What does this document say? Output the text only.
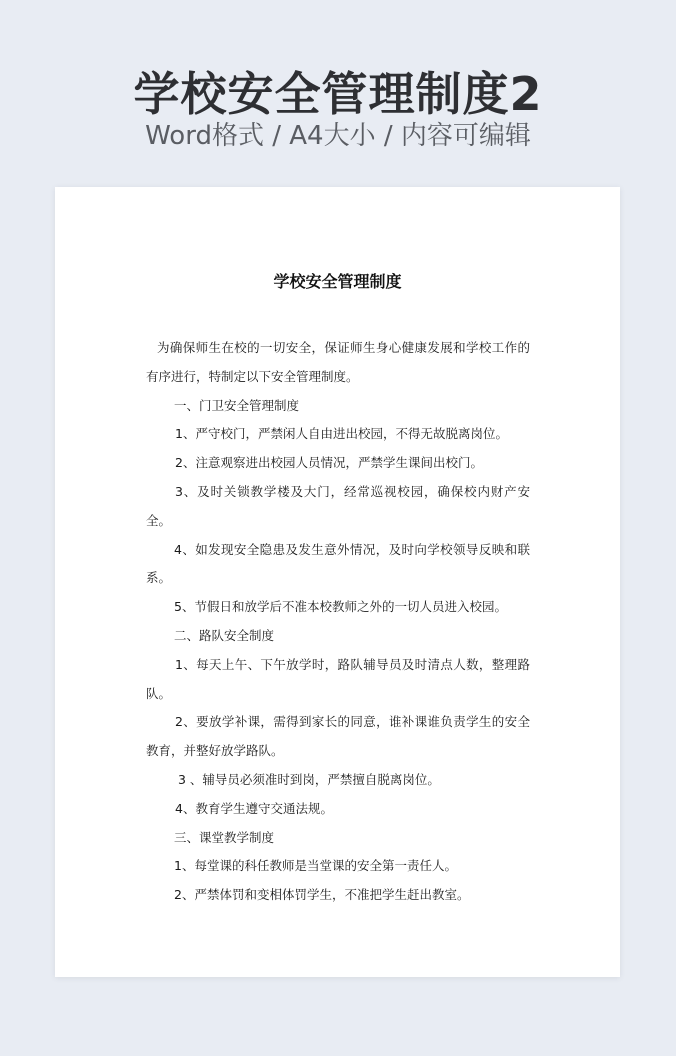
学校安全管理制度2
Word格式 / A4大小 / 内容可编辑
学校安全管理制度

为确保师生在校的一切安全，保证师生身心健康发展和学校工作的有序进行，特制定以下安全管理制度。

一、门卫安全管理制度

1、严守校门，严禁闲人自由进出校园，不得无故脱离岗位。

2、注意观察进出校园人员情况，严禁学生课间出校门。

3、及时关锁教学楼及大门，经常巡视校园，确保校内财产安全。

4、如发现安全隐患及发生意外情况，及时向学校领导反映和联系。

5、节假日和放学后不准本校教师之外的一切人员进入校园。

二、路队安全制度

1、每天上午、下午放学时，路队辅导员及时清点人数，整理路队。

2、要放学补课，需得到家长的同意，谁补课谁负责学生的安全教育，并整好放学路队。

3 、辅导员必须准时到岗，严禁擅自脱离岗位。

4、教育学生遵守交通法规。

三、课堂教学制度

1、每堂课的科任教师是当堂课的安全第一责任人。

2、严禁体罚和变相体罚学生，不准把学生赶出教室。
